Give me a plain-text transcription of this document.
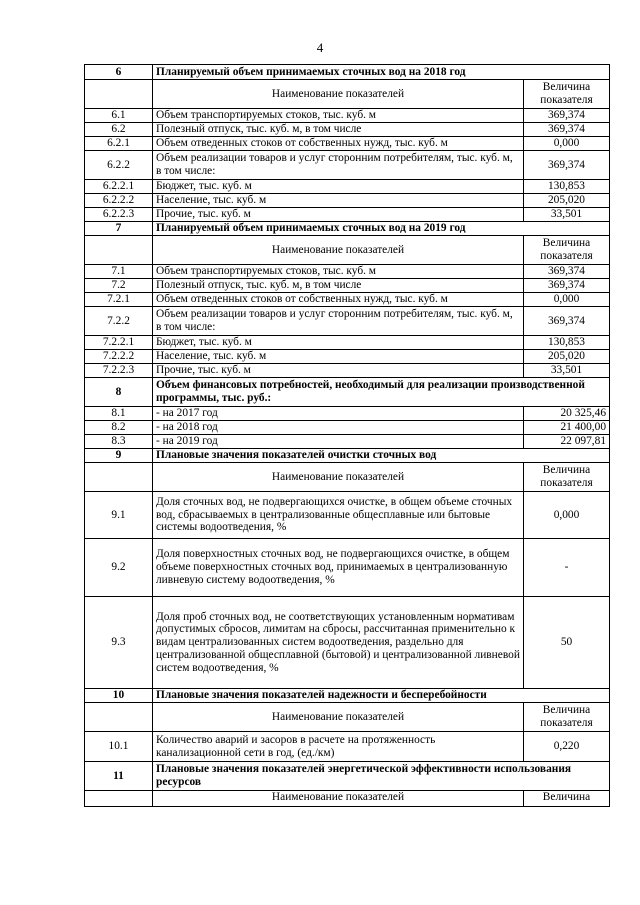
4
6	Планируемый объем принимаемых сточных вод на 2018 год	
	Наименование показателей	Величина показателя
6.1	Объем транспортируемых стоков, тыс. куб. м	369,374
6.2	Полезный отпуск, тыс. куб. м, в том числе	369,374
6.2.1	Объем отведенных стоков от собственных нужд, тыс. куб. м	0,000
6.2.2	Объем реализации товаров и услуг сторонним потребителям, тыс. куб. м, в том числе:	369,374
6.2.2.1	Бюджет, тыс. куб. м	130,853
6.2.2.2	Население, тыс. куб. м	205,020
6.2.2.3	Прочие, тыс. куб. м	33,501
7	Планируемый объем принимаемых сточных вод на 2019 год	
	Наименование показателей	Величина показателя
7.1	Объем транспортируемых стоков, тыс. куб. м	369,374
7.2	Полезный отпуск, тыс. куб. м, в том числе	369,374
7.2.1	Объем отведенных стоков от собственных нужд, тыс. куб. м	0,000
7.2.2	Объем реализации товаров и услуг сторонним потребителям, тыс. куб. м, в том числе:	369,374
7.2.2.1	Бюджет, тыс. куб. м	130,853
7.2.2.2	Население, тыс. куб. м	205,020
7.2.2.3	Прочие, тыс. куб. м	33,501
8	Объем финансовых потребностей, необходимый для реализации производственной программы, тыс. руб.:	
8.1	- на 2017 год	20 325,46
8.2	- на 2018 год	21 400,00
8.3	- на 2019 год	22 097,81
9	Плановые значения показателей очистки сточных вод	
	Наименование показателей	Величина показателя
9.1	Доля сточных вод, не подвергающихся очистке, в общем объеме сточных вод, сбрасываемых в централизованные общесплавные или бытовые системы водоотведения, %	0,000
9.2	Доля поверхностных сточных вод, не подвергающихся очистке, в общем объеме поверхностных сточных вод, принимаемых в централизованную ливневую систему водоотведения, %	-
9.3	Доля проб сточных вод, не соответствующих установленным нормативам допустимых сбросов, лимитам на сбросы, рассчитанная применительно к видам централизованных систем водоотведения, раздельно для централизованной общесплавной (бытовой) и централизованной ливневой систем водоотведения, %	50
10	Плановые значения показателей надежности и бесперебойности	
	Наименование показателей	Величина показателя
10.1	Количество аварий и засоров в расчете на протяженность канализационной сети в год, (ед./км)	0,220
11	Плановые значения показателей энергетической эффективности использования ресурсов	
	Наименование показателей	Величина
